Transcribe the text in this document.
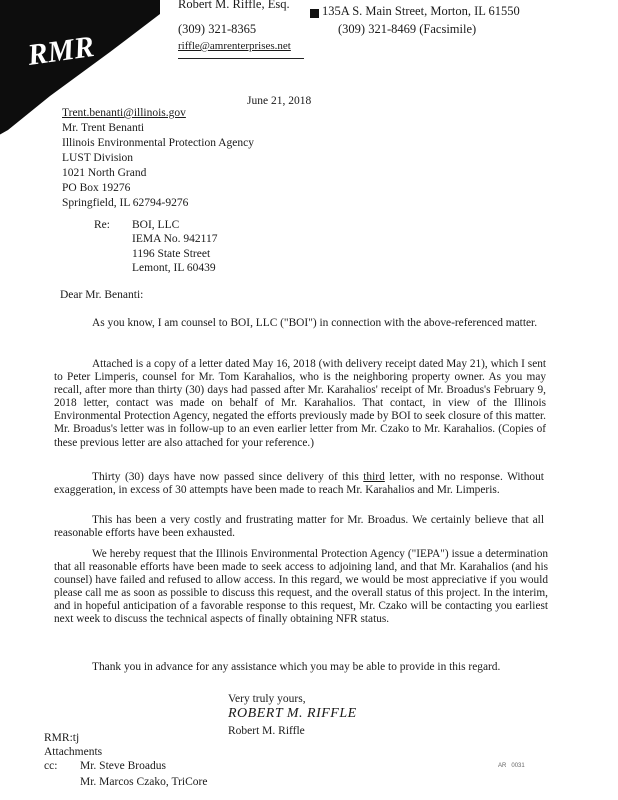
RMR
Robert M. Riffle, Esq.
(309) 321-8365
riffle@amrenterprises.net
135A S. Main Street, Morton, IL 61550
(309) 321-8469 (Facsimile)
June 21, 2018
Trent.benanti@illinois.gov
Mr. Trent Benanti
Illinois Environmental Protection Agency
LUST Division
1021 North Grand
PO Box 19276
Springfield, IL 62794-9276
Re: BOI, LLC
IEMA No. 942117
1196 State Street
Lemont, IL 60439
Dear Mr. Benanti:
As you know, I am counsel to BOI, LLC ("BOI") in connection with the above-referenced matter.
Attached is a copy of a letter dated May 16, 2018 (with delivery receipt dated May 21), which I sent to Peter Limperis, counsel for Mr. Tom Karahalios, who is the neighboring property owner. As you may recall, after more than thirty (30) days had passed after Mr. Karahalios' receipt of Mr. Broadus's February 9, 2018 letter, contact was made on behalf of Mr. Karahalios. That contact, in view of the Illinois Environmental Protection Agency, negated the efforts previously made by BOI to seek closure of this matter. Mr. Broadus's letter was in follow-up to an even earlier letter from Mr. Czako to Mr. Karahalios. (Copies of these previous letter are also attached for your reference.)
Thirty (30) days have now passed since delivery of this third letter, with no response. Without exaggeration, in excess of 30 attempts have been made to reach Mr. Karahalios and Mr. Limperis.
This has been a very costly and frustrating matter for Mr. Broadus. We certainly believe that all reasonable efforts have been exhausted.
We hereby request that the Illinois Environmental Protection Agency ("IEPA") issue a determination that all reasonable efforts have been made to seek access to adjoining land, and that Mr. Karahalios (and his counsel) have failed and refused to allow access. In this regard, we would be most appreciative if you would please call me as soon as possible to discuss this request, and the overall status of this project. In the interim, and in hopeful anticipation of a favorable response to this request, Mr. Czako will be contacting you earliest next week to discuss the technical aspects of finally obtaining NFR status.
Thank you in advance for any assistance which you may be able to provide in this regard.
Very truly yours,
ROBERT M. RIFFLE
Robert M. Riffle
RMR:tj
Attachments
cc: Mr. Steve Broadus
Mr. Marcos Czako, TriCore
AR 0031
